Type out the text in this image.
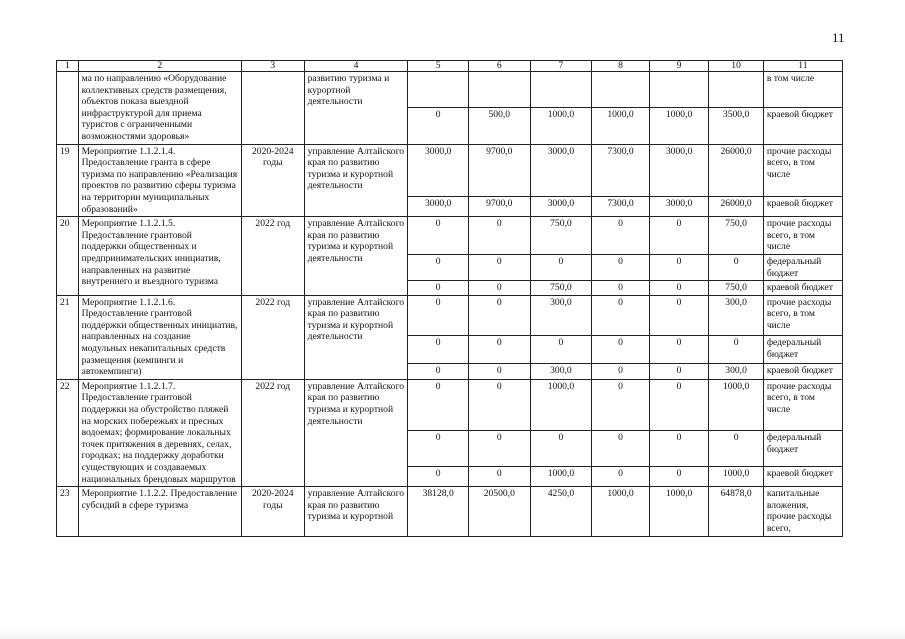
11
1	2	3	4	5	6	7	8	9	10	11
	ма по направлению «Оборудование коллективных средств размещения, объектов показа выездной инфраструктурой для приема туристов с ограниченными возможностями здоровья»		развитию туризма и курортной деятельности							в том числе
				0	500,0	1000,0	1000,0	1000,0	3500,0	краевой бюджет
19	Мероприятие 1.1.2.1.4. Предоставление гранта в сфере туризма по направлению «Реализация проектов по развитию сферы туризма на территории муниципальных образований»	2020-2024 годы	управление Алтайского края по развитию туризма и курортной деятельности	3000,0	9700,0	3000,0	7300,0	3000,0	26000,0	прочие расходы всего, в том числе
				3000,0	9700,0	3000,0	7300,0	3000,0	26000,0	краевой бюджет
20	Мероприятие 1.1.2.1.5. Предоставление грантовой поддержки общественных и предпринимательских инициатив, направленных на развитие внутреннего и въездного туризма	2022 год	управление Алтайского края по развитию туризма и курортной деятельности	0	0	750,0	0	0	750,0	прочие расходы всего, в том числе
				0	0	0	0	0	0	федеральный бюджет
				0	0	750,0	0	0	750,0	краевой бюджет
21	Мероприятие 1.1.2.1.6. Предоставление грантовой поддержки общественных инициатив, направленных на создание модульных некапитальных средств размещения (кемпинги и автокемпинги)	2022 год	управление Алтайского края по развитию туризма и курортной деятельности	0	0	300,0	0	0	300,0	прочие расходы всего, в том числе
				0	0	0	0	0	0	федеральный бюджет
				0	0	300,0	0	0	300,0	краевой бюджет
22	Мероприятие 1.1.2.1.7. Предоставление грантовой поддержки на обустройство пляжей на морских побережьях и пресных водоемах; формирование локальных точек притяжения в деревнях, селах, городках; на поддержку доработки существующих и создаваемых национальных брендовых маршрутов	2022 год	управление Алтайского края по развитию туризма и курортной деятельности	0	0	1000,0	0	0	1000,0	прочие расходы всего, в том числе
				0	0	0	0	0	0	федеральный бюджет
				0	0	1000,0	0	0	1000,0	краевой бюджет
23	Мероприятие 1.1.2.2. Предоставление субсидий в сфере туризма	2020-2024 годы	управление Алтайского края по развитию туризма и курортной	38128,0	20500,0	4250,0	1000,0	1000,0	64878,0	капитальные вложения, прочие расходы всего,
